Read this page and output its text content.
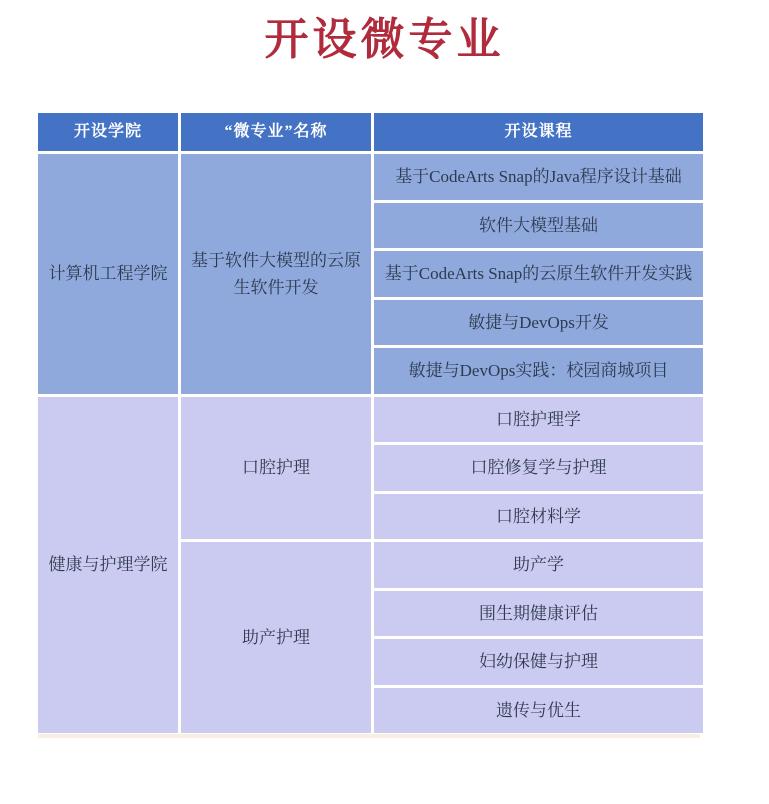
开设微专业
开设学院	“微专业”名称	开设课程
计算机工程学院
基于软件大模型的云原生软件开发
基于CodeArts Snap的Java程序设计基础
软件大模型基础
基于CodeArts Snap的云原生软件开发实践
敏捷与DevOps开发
敏捷与DevOps实践：校园商城项目
健康与护理学院
口腔护理
口腔护理学
口腔修复学与护理
口腔材料学
助产护理
助产学
围生期健康评估
妇幼保健与护理
遗传与优生
